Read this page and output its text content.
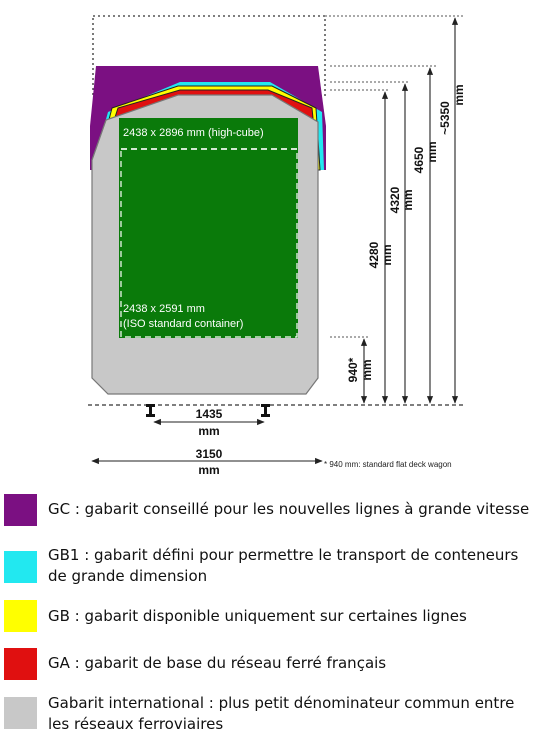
2438 x 2896 mm (high-cube)
2438 x 2591 mm
(ISO standard container)
~5350
mm
4650 mm
4320 mm
4280 mm
940* mm
1435
mm
3150
mm	* 940 mm: standard flat deck wagon
GC : gabarit conseillé pour les nouvelles lignes à grande vitesse
GB1 : gabarit défini pour permettre le transport de conteneurs de grande dimension
GB : gabarit disponible uniquement sur certaines lignes
GA : gabarit de base du réseau ferré français
Gabarit international : plus petit dénominateur commun entre les réseaux ferroviaires
